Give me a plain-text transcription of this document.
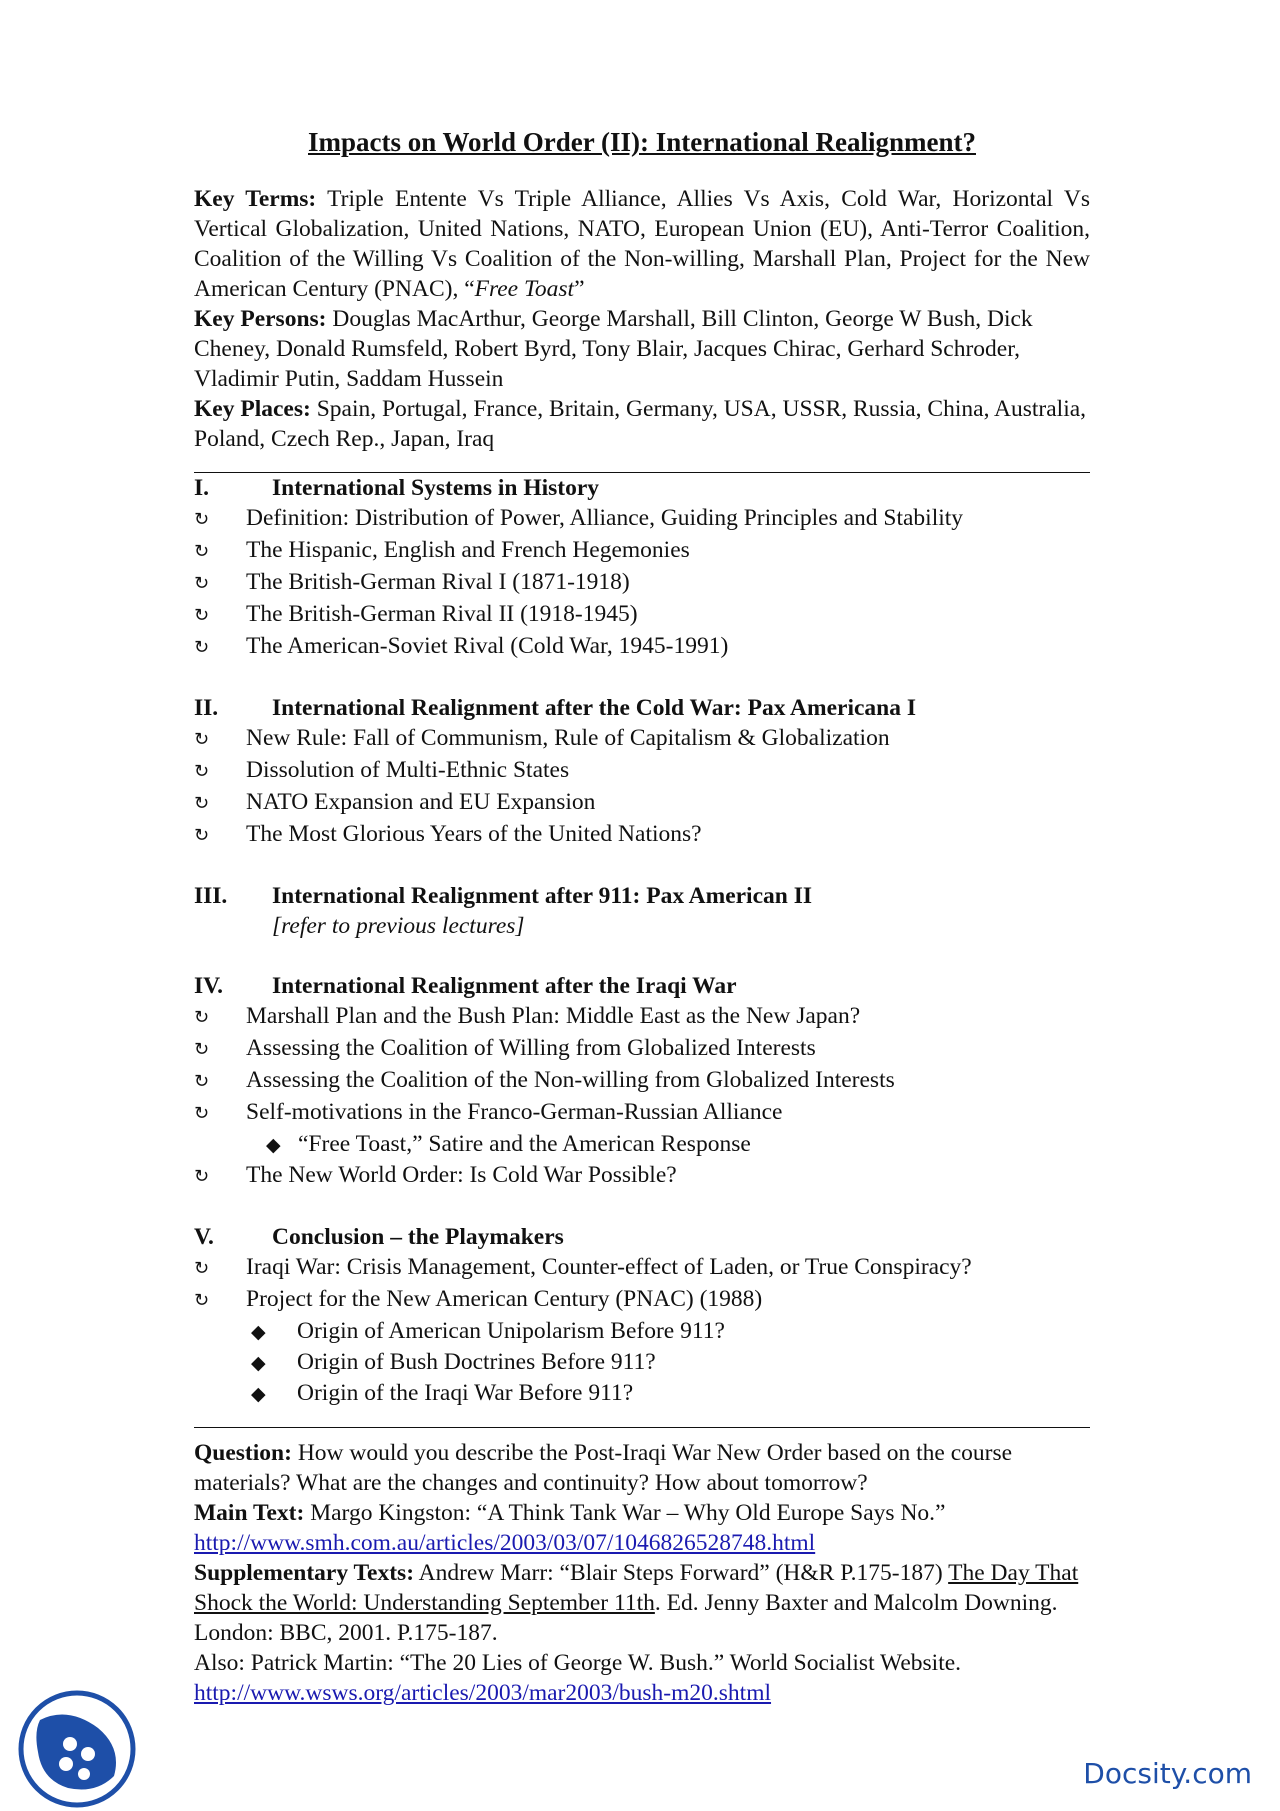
Impacts on World Order (II): International Realignment?

Key Terms: Triple Entente Vs Triple Alliance, Allies Vs Axis, Cold War, Horizontal Vs Vertical Globalization, United Nations, NATO, European Union (EU), Anti-Terror Coalition, Coalition of the Willing Vs Coalition of the Non-willing, Marshall Plan, Project for the New American Century (PNAC), “Free Toast”

Key Persons: Douglas MacArthur, George Marshall, Bill Clinton, George W Bush, Dick Cheney, Donald Rumsfeld, Robert Byrd, Tony Blair, Jacques Chirac, Gerhard Schroder, Vladimir Putin, Saddam Hussein

Key Places: Spain, Portugal, France, Britain, Germany, USA, USSR, Russia, China, Australia, Poland, Czech Rep., Japan, Iraq

I.	International Systems in History
↻	Definition: Distribution of Power, Alliance, Guiding Principles and Stability
↻	The Hispanic, English and French Hegemonies
↻	The British-German Rival I (1871-1918)
↻	The British-German Rival II (1918-1945)
↻	The American-Soviet Rival (Cold War, 1945-1991)
II.	International Realignment after the Cold War: Pax Americana I
↻	New Rule: Fall of Communism, Rule of Capitalism & Globalization
↻	Dissolution of Multi-Ethnic States
↻	NATO Expansion and EU Expansion
↻	The Most Glorious Years of the United Nations?
III.	International Realignment after 911: Pax American II
[refer to previous lectures]
IV.	International Realignment after the Iraqi War
↻	Marshall Plan and the Bush Plan: Middle East as the New Japan?
↻	Assessing the Coalition of Willing from Globalized Interests
↻	Assessing the Coalition of the Non-willing from Globalized Interests
↻	Self-motivations in the Franco-German-Russian Alliance
◆ “Free Toast,” Satire and the American Response
↻	The New World Order: Is Cold War Possible?
V.	Conclusion – the Playmakers
↻	Iraqi War: Crisis Management, Counter-effect of Laden, or True Conspiracy?
↻	Project for the New American Century (PNAC) (1988)
◆	Origin of American Unipolarism Before 911?
◆	Origin of Bush Doctrines Before 911?
◆	Origin of the Iraqi War Before 911?

Question: How would you describe the Post-Iraqi War New Order based on the course materials? What are the changes and continuity? How about tomorrow?

Main Text: Margo Kingston: “A Think Tank War – Why Old Europe Says No.” http://www.smh.com.au/articles/2003/03/07/1046826528748.html

Supplementary Texts: Andrew Marr: “Blair Steps Forward” (H&R P.175-187) The Day That Shock the World: Understanding September 11th. Ed. Jenny Baxter and Malcolm Downing. London: BBC, 2001. P.175-187.

Also: Patrick Martin: “The 20 Lies of George W. Bush.” World Socialist Website. http://www.wsws.org/articles/2003/mar2003/bush-m20.shtml

Docsity.com
